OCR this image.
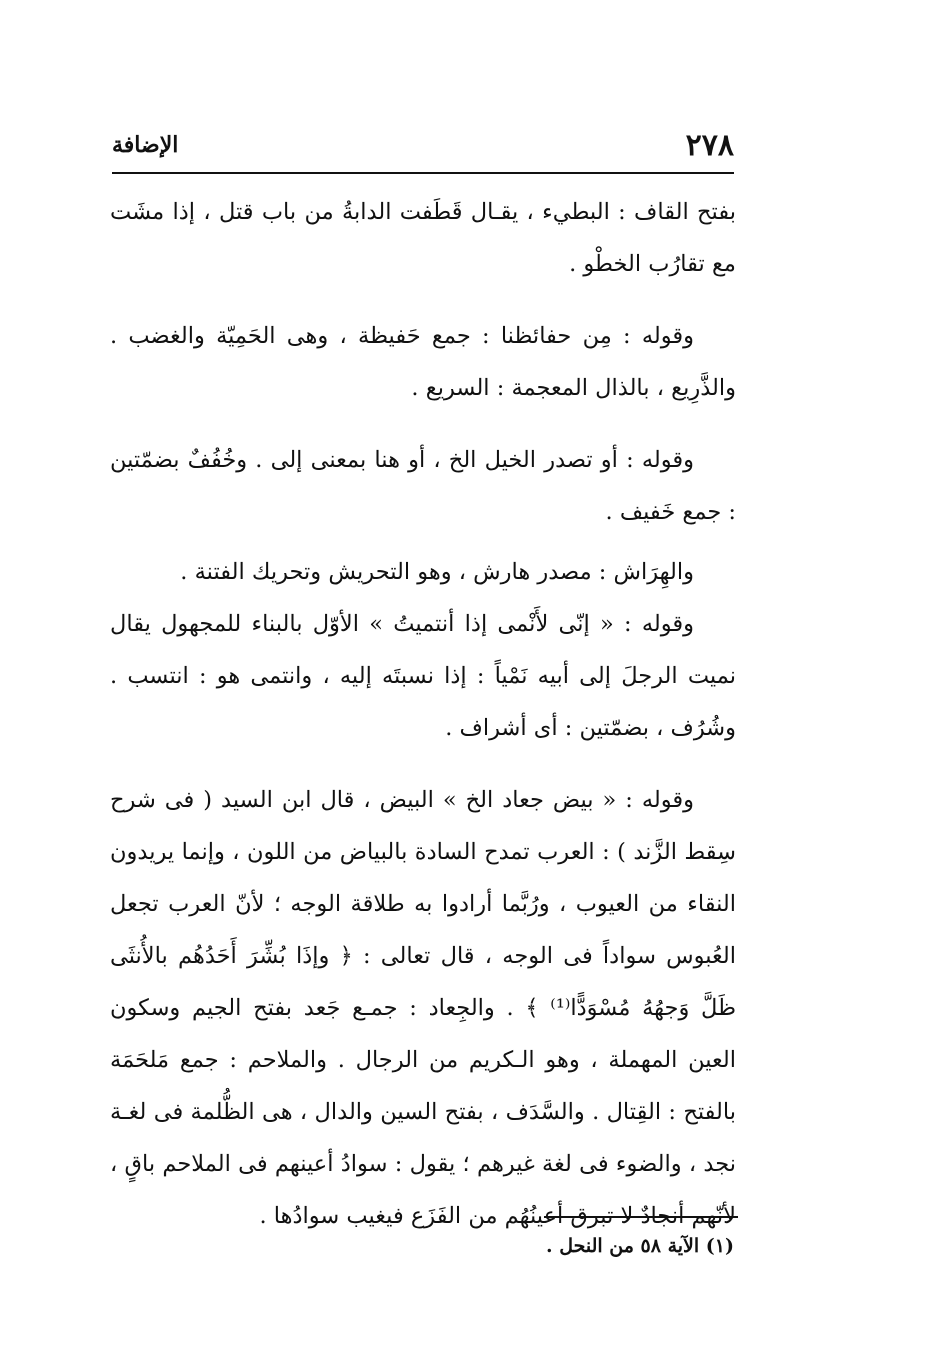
٢٧٨
الإضافة

بفتح القاف : البطيء ، يقـال قَطَفت الدابةُ من باب قتل ، إذا مشَت مع تقارُب الخطْو .

وقوله : مِن حفائظنا : جمع حَفيظة ، وهى الحَمِيّة والغضب . والذَّرِيع ، بالذال المعجمة : السريع .

وقوله : أو تصدر الخيل الخ ، أو هنا بمعنى إلى . وخُفُفٌ بضمّتين : جمع خَفيف .

والهِرَاش : مصدر هارش ، وهو التحريش وتحريك الفتنة .

وقوله : « إنّى لأَنْمى إذا أنتميتُ » الأوّل بالبناء للمجهول يقال نميت الرجلَ إلى أبيه نَمْياً : إذا نسبتَه إليه ، وانتمى هو : انتسب . وشُرُف ، بضمّتين : أى أشراف .

وقوله : « بيض جعاد الخ » البيض ، قال ابن السيد ( فى شرح سِقط الزَّند ) : العرب تمدح السادة بالبياض من اللون ، وإنما يريدون النقاء من العيوب ، ورُبَّما أرادوا به طلاقة الوجه ؛ لأنّ العرب تجعل العُبوس سواداً فى الوجه ، قال تعالى : ﴿ وإذَا بُشِّرَ أَحَدُهُم بالأُنثَى ظَلَّ وَجهُهُ مُسْوَدًّا⁽¹⁾ ﴾ . والجِعاد : جمـع جَعد بفتح الجيم وسكون العين المهملة ، وهو الـكريم من الرجال . والملاحم : جمع مَلحَمَة بالفتح : القِتال . والسَّدَف ، بفتح السين والدال ، هى الظُّلمة فى لغـة نجد ، والضوء فى لغة غيرهم ؛ يقول : سوادُ أعينهم فى الملاحم باقٍ ، لأنّهم أنجادٌ لا تبرق أعينُهُم من الفَزَع فيغيب سوادُها .

(١) الآية ٥٨ من النحل .
